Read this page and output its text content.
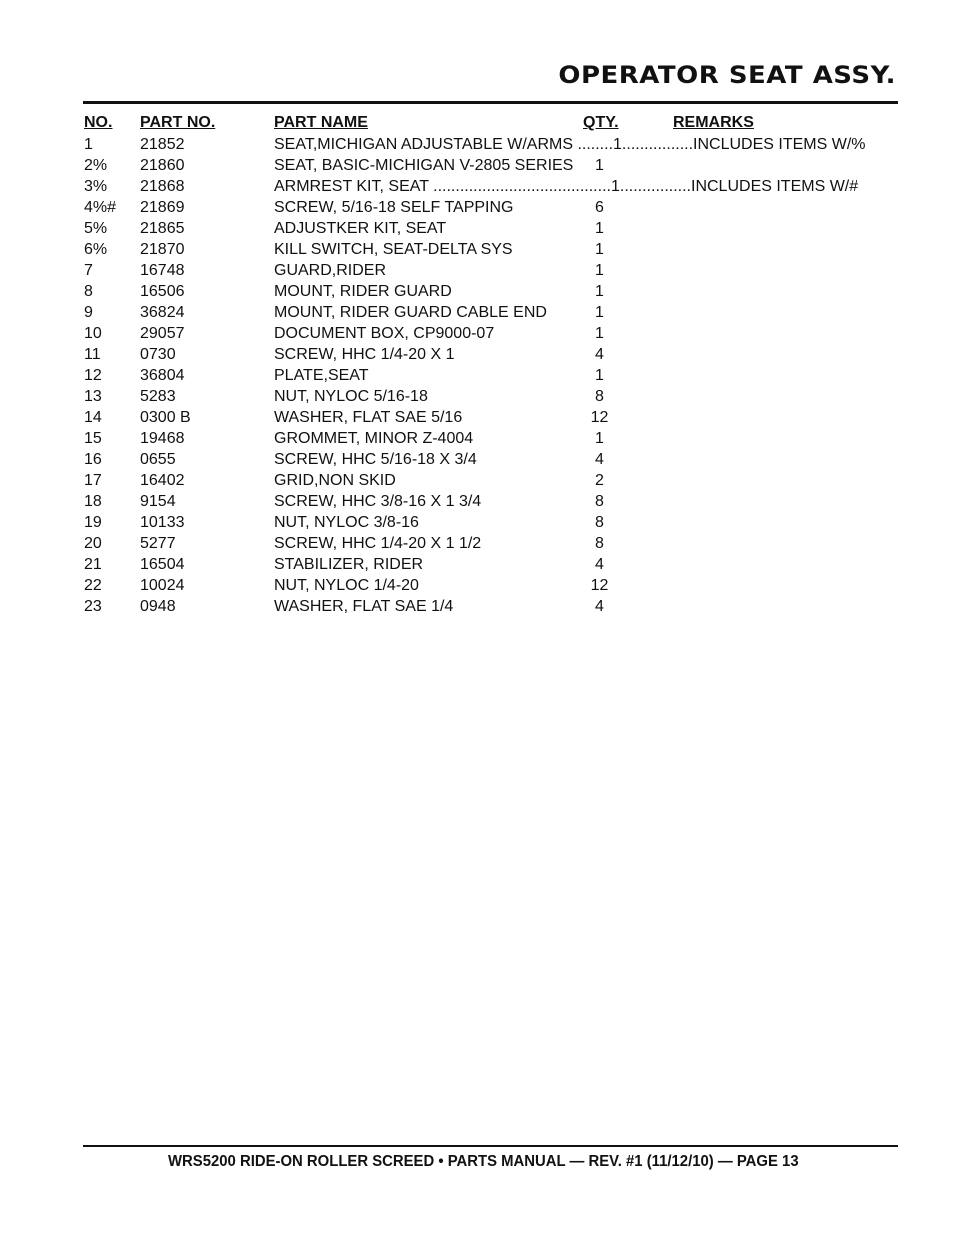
OPERATOR SEAT ASSY.
NO. PART NO.	PART NAME	QTY.	REMARKS
1	21852	SEAT,MICHIGAN ADJUSTABLE W/ARMS ........ 1 ................INCLUDES ITEMS W/%
2% 21860	SEAT, BASIC-MICHIGAN V-2805 SERIES	1
3% 21868	ARMREST KIT, SEAT ........................................ 1 ................INCLUDES ITEMS W/#
4%# 21869	SCREW, 5/16-18 SELF TAPPING	6
5% 21865	ADJUSTKER KIT, SEAT	1
6% 21870	KILL SWITCH, SEAT-DELTA SYS	1
7	16748	GUARD,RIDER	1
8	16506	MOUNT, RIDER GUARD	1
9	36824	MOUNT, RIDER GUARD CABLE END	1
10 29057	DOCUMENT BOX, CP9000-07	1
11 0730	SCREW, HHC 1/4-20 X 1	4
12 36804	PLATE,SEAT	1
13 5283	NUT, NYLOC 5/16-18	8
14 0300 B	WASHER, FLAT SAE 5/16	12
15 19468	GROMMET, MINOR Z-4004	1
16 0655	SCREW, HHC 5/16-18 X 3/4	4
17 16402	GRID,NON SKID	2
18 9154	SCREW, HHC 3/8-16 X 1 3/4	8
19 10133	NUT, NYLOC 3/8-16	8
20 5277	SCREW, HHC 1/4-20 X 1 1/2	8
21 16504	STABILIZER, RIDER	4
22 10024	NUT, NYLOC 1/4-20	12
23 0948	WASHER, FLAT SAE 1/4	4
WRS5200 RIDE-ON ROLLER SCREED • PARTS MANUAL — REV. #1 (11/12/10) — PAGE 13
